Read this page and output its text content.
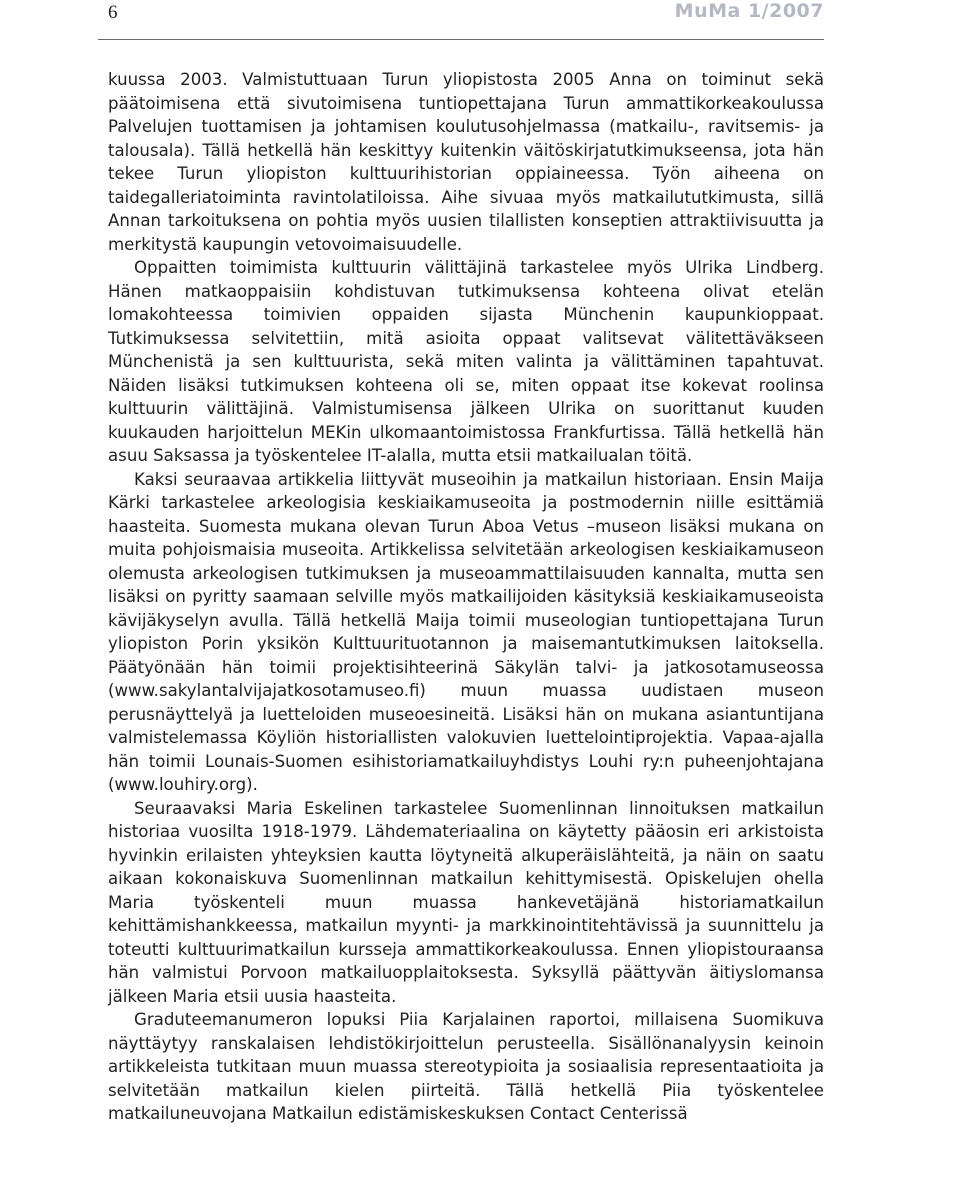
6	MuMa 1/2007

kuussa 2003. Valmistuttuaan Turun yliopistosta 2005 Anna on toiminut sekä päätoimisena että sivutoimisena tuntiopettajana Turun ammattikorkeakoulussa Palvelujen tuottamisen ja johtamisen koulutusohjelmassa (matkailu-, ravitsemis- ja talousala). Tällä hetkellä hän keskittyy kuitenkin väitöskirjatutkimukseensa, jota hän tekee Turun yliopiston kulttuurihistorian oppiaineessa. Työn aiheena on taidegalleriatoiminta ravintolatiloissa. Aihe sivuaa myös matkailututkimusta, sillä Annan tarkoituksena on pohtia myös uusien tilallisten konseptien attraktiivisuutta ja merkitystä kaupungin vetovoimaisuudelle.

Oppaitten toimimista kulttuurin välittäjinä tarkastelee myös Ulrika Lindberg. Hänen matkaoppaisiin kohdistuvan tutkimuksensa kohteena olivat etelän lomakohteessa toimivien oppaiden sijasta Münchenin kaupunkioppaat. Tutkimuksessa selvitettiin, mitä asioita oppaat valitsevat välitettäväkseen Münchenistä ja sen kulttuurista, sekä miten valinta ja välittäminen tapahtuvat. Näiden lisäksi tutkimuksen kohteena oli se, miten oppaat itse kokevat roolinsa kulttuurin välittäjinä. Valmistumisensa jälkeen Ulrika on suorittanut kuuden kuukauden harjoittelun MEKin ulkomaantoimistossa Frankfurtissa. Tällä hetkellä hän asuu Saksassa ja työskentelee IT-alalla, mutta etsii matkailualan töitä.

Kaksi seuraavaa artikkelia liittyvät museoihin ja matkailun historiaan. Ensin Maija Kärki tarkastelee arkeologisia keskiaikamuseoita ja postmodernin niille esittämiä haasteita. Suomesta mukana olevan Turun Aboa Vetus –museon lisäksi mukana on muita pohjoismaisia museoita. Artikkelissa selvitetään arkeologisen keskiaikamuseon olemusta arkeologisen tutkimuksen ja museoammattilaisuuden kannalta, mutta sen lisäksi on pyritty saamaan selville myös matkailijoiden käsityksiä keskiaikamuseoista kävijäkyselyn avulla. Tällä hetkellä Maija toimii museologian tuntiopettajana Turun yliopiston Porin yksikön Kulttuurituotannon ja maisemantutkimuksen laitoksella. Päätyönään hän toimii projektisihteerinä Säkylän talvi- ja jatkosotamuseossa (www.sakylantalvijajatkosotamuseo.fi) muun muassa uudistaen museon perusnäyttelyä ja luetteloiden museoesineitä. Lisäksi hän on mukana asiantuntijana valmistelemassa Köyliön historiallisten valokuvien luettelointiprojektia. Vapaa-ajalla hän toimii Lounais-Suomen esihistoriamatkailuyhdistys Louhi ry:n puheenjohtajana (www.louhiry.org).

Seuraavaksi Maria Eskelinen tarkastelee Suomenlinnan linnoituksen matkailun historiaa vuosilta 1918-1979. Lähdemateriaalina on käytetty pääosin eri arkistoista hyvinkin erilaisten yhteyksien kautta löytyneitä alkuperäislähteitä, ja näin on saatu aikaan kokonaiskuva Suomenlinnan matkailun kehittymisestä. Opiskelujen ohella Maria työskenteli muun muassa hankevetäjänä historiamatkailun kehittämishankkeessa, matkailun myynti- ja markkinointitehtävissä ja suunnittelu ja toteutti kulttuurimatkailun kursseja ammattikorkeakoulussa. Ennen yliopistouraansa hän valmistui Porvoon matkailuopplaitoksesta. Syksyllä päättyvän äitiyslomansa jälkeen Maria etsii uusia haasteita.

Graduteemanumeron lopuksi Piia Karjalainen raportoi, millaisena Suomikuva näyttäytyy ranskalaisen lehdistökirjoittelun perusteella. Sisällönanalyysin keinoin artikkeleista tutkitaan muun muassa stereotypioita ja sosiaalisia representaatioita ja selvitetään matkailun kielen piirteitä. Tällä hetkellä Piia työskentelee matkailuneuvojana Matkailun edistämiskeskuksen Contact Centerissä
